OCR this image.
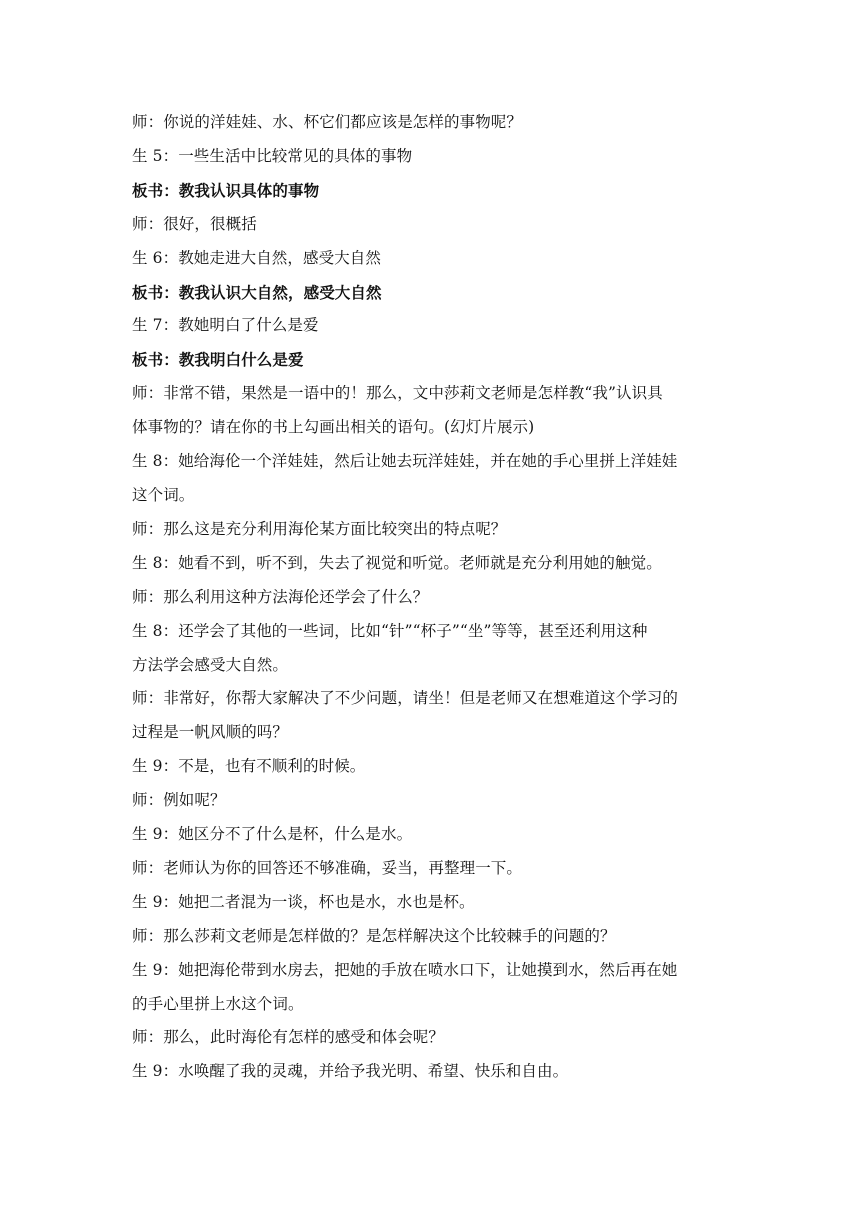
师：你说的洋娃娃、水、杯它们都应该是怎样的事物呢？
生 5：一些生活中比较常见的具体的事物
板书：教我认识具体的事物
师：很好，很概括
生 6：教她走进大自然，感受大自然
板书：教我认识大自然，感受大自然
生 7：教她明白了什么是爱
板书：教我明白什么是爱
师：非常不错，果然是一语中的！那么，文中莎莉文老师是怎样教“我”认识具
体事物的？请在你的书上勾画出相关的语句。(幻灯片展示)
生 8：她给海伦一个洋娃娃，然后让她去玩洋娃娃，并在她的手心里拼上洋娃娃
这个词。
师：那么这是充分利用海伦某方面比较突出的特点呢？
生 8：她看不到，听不到，失去了视觉和听觉。老师就是充分利用她的触觉。
师：那么利用这种方法海伦还学会了什么？
生 8：还学会了其他的一些词，比如“针”“杯子”“坐”等等，甚至还利用这种
方法学会感受大自然。
师：非常好，你帮大家解决了不少问题，请坐！但是老师又在想难道这个学习的
过程是一帆风顺的吗？
生 9：不是，也有不顺利的时候。
师：例如呢？
生 9：她区分不了什么是杯，什么是水。
师：老师认为你的回答还不够准确，妥当，再整理一下。
生 9：她把二者混为一谈，杯也是水，水也是杯。
师：那么莎莉文老师是怎样做的？是怎样解决这个比较棘手的问题的？
生 9：她把海伦带到水房去，把她的手放在喷水口下，让她摸到水，然后再在她
的手心里拼上水这个词。
师：那么，此时海伦有怎样的感受和体会呢？
生 9：水唤醒了我的灵魂，并给予我光明、希望、快乐和自由。
